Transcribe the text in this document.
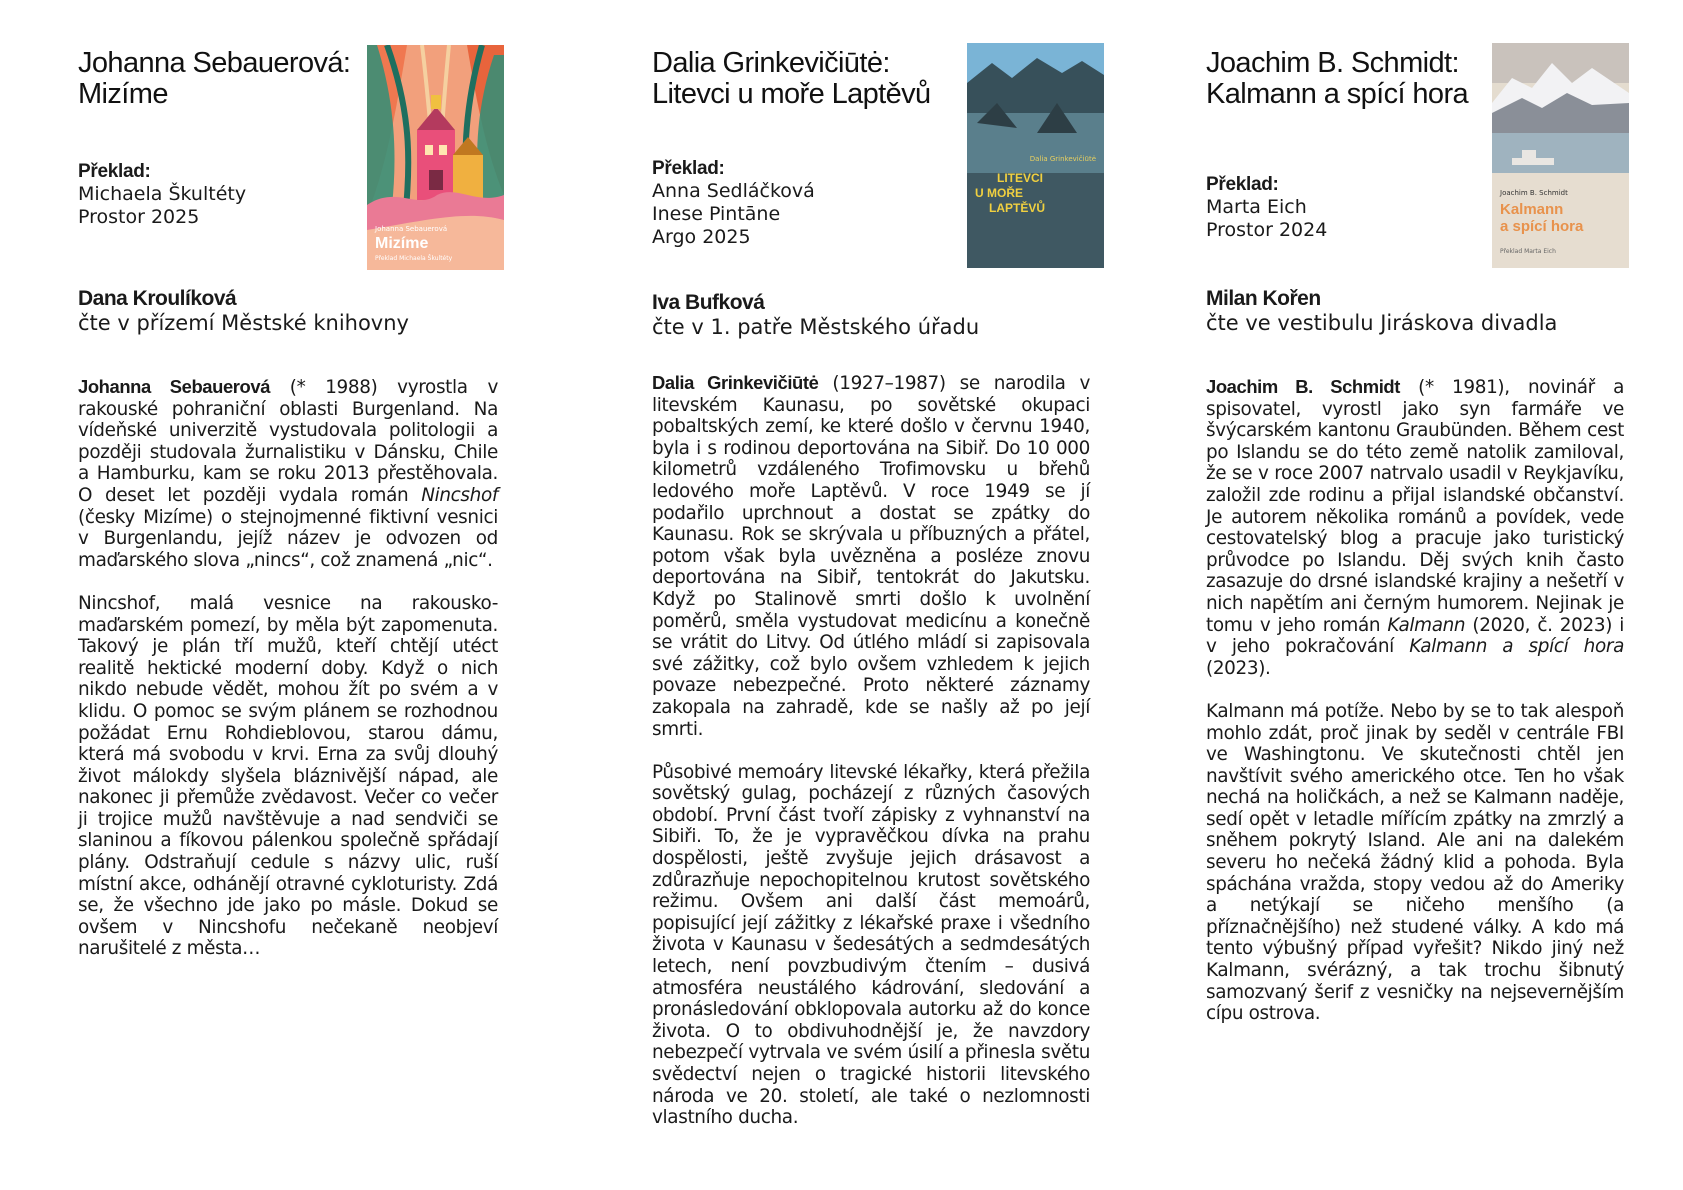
Johanna Sebauerová:
Mizíme
Johanna Sebauerová
Mizíme
Překlad Michaela Škultéty
Překlad:
Michaela Škultéty
Prostor 2025
Dana Kroulíková
čte v přízemí Městské knihovny

Johanna Sebauerová (* 1988) vyrostla v rakouské pohraniční oblasti Burgenland. Na vídeňské univerzitě vystudovala politologii a později studovala žurnalistiku v Dánsku, Chile a Hamburku, kam se roku 2013 přestěhovala. O deset let později vydala román Nincshof (česky Mizíme) o stejnojmenné fiktivní vesnici v Burgenlandu, jejíž název je odvozen od maďarského slova „nincs“, což znamená „nic“.

Nincshof, malá vesnice na rakousko-maďarském pomezí, by měla být zapomenuta. Takový je plán tří mužů, kteří chtějí utéct realitě hektické moderní doby. Když o nich nikdo nebude vědět, mohou žít po svém a v klidu. O pomoc se svým plánem se rozhodnou požádat Ernu Rohdieblovou, starou dámu, která má svobodu v krvi. Erna za svůj dlouhý život málokdy slyšela bláznivější nápad, ale nakonec ji přemůže zvědavost. Večer co večer ji trojice mužů navštěvuje a nad sendviči se slaninou a fíkovou pálenkou společně spřádají plány. Odstraňují cedule s názvy ulic, ruší místní akce, odhánějí otravné cykloturisty. Zdá se, že všechno jde jako po másle. Dokud se ovšem v Nincshofu nečekaně neobjeví narušitelé z města…

Dalia Grinkevičiūtė:
Litevci u moře Laptěvů
Dalia Grinkevičiūtė
LITEVCI
U MOŘE
LAPTĚVŮ
Překlad:
Anna Sedláčková
Inese Pintāne
Argo 2025
Iva Bufková
čte v 1. patře Městského úřadu

Dalia Grinkevičiūtė (1927–1987) se narodila v litevském Kaunasu, po sovětské okupaci pobaltských zemí, ke které došlo v červnu 1940, byla i s rodinou deportována na Sibiř. Do 10 000 kilometrů vzdáleného Trofimovsku u břehů ledového moře Laptěvů. V roce 1949 se jí podařilo uprchnout a dostat se zpátky do Kaunasu. Rok se skrývala u příbuzných a přátel, potom však byla uvězněna a posléze znovu deportována na Sibiř, tentokrát do Jakutsku. Když po Stalinově smrti došlo k uvolnění poměrů, směla vystudovat medicínu a konečně se vrátit do Litvy. Od útlého mládí si zapisovala své zážitky, což bylo ovšem vzhledem k jejich povaze nebezpečné. Proto některé záznamy zakopala na zahradě, kde se našly až po její smrti.

Působivé memoáry litevské lékařky, která přežila sovětský gulag, pocházejí z různých časových období. První část tvoří zápisky z vyhnanství na Sibiři. To, že je vypravěčkou dívka na prahu dospělosti, ještě zvyšuje jejich drásavost a zdůrazňuje nepochopitelnou krutost sovětského režimu. Ovšem ani další část memoárů, popisující její zážitky z lékařské praxe i všedního života v Kaunasu v šedesátých a sedmdesátých letech, není povzbudivým čtením – dusivá atmosféra neustálého kádrování, sledování a pronásledování obklopovala autorku až do konce života. O to obdivuhodnější je, že navzdory nebezpečí vytrvala ve svém úsilí a přinesla světu svědectví nejen o tragické historii litevského národa ve 20. století, ale také o nezlomnosti vlastního ducha.

Joachim B. Schmidt:
Kalmann a spící hora
Joachim B. Schmidt
Kalmann
a spící hora
Překlad Marta Eich
Překlad:
Marta Eich
Prostor 2024
Milan Kořen
čte ve vestibulu Jiráskova divadla

Joachim B. Schmidt (* 1981), novinář a spisovatel, vyrostl jako syn farmáře ve švýcarském kantonu Graubünden. Během cest po Islandu se do této země natolik zamiloval, že se v roce 2007 natrvalo usadil v Reykjavíku, založil zde rodinu a přijal islandské občanství. Je autorem několika románů a povídek, vede cestovatelský blog a pracuje jako turistický průvodce po Islandu. Děj svých knih často zasazuje do drsné islandské krajiny a nešetří v nich napětím ani černým humorem. Nejinak je tomu v jeho román Kalmann (2020, č. 2023) i v jeho pokračování Kalmann a spící hora (2023).

Kalmann má potíže. Nebo by se to tak alespoň mohlo zdát, proč jinak by seděl v centrále FBI ve Washingtonu. Ve skutečnosti chtěl jen navštívit svého amerického otce. Ten ho však nechá na holičkách, a než se Kalmann naděje, sedí opět v letadle mířícím zpátky na zmrzlý a sněhem pokrytý Island. Ale ani na dalekém severu ho nečeká žádný klid a pohoda. Byla spáchána vražda, stopy vedou až do Ameriky a netýkají se ničeho menšího (a příznačnějšího) než studené války. A kdo má tento výbušný případ vyřešit? Nikdo jiný než Kalmann, svérázný, a tak trochu šibnutý samozvaný šerif z vesničky na nejsevernějším cípu ostrova.
